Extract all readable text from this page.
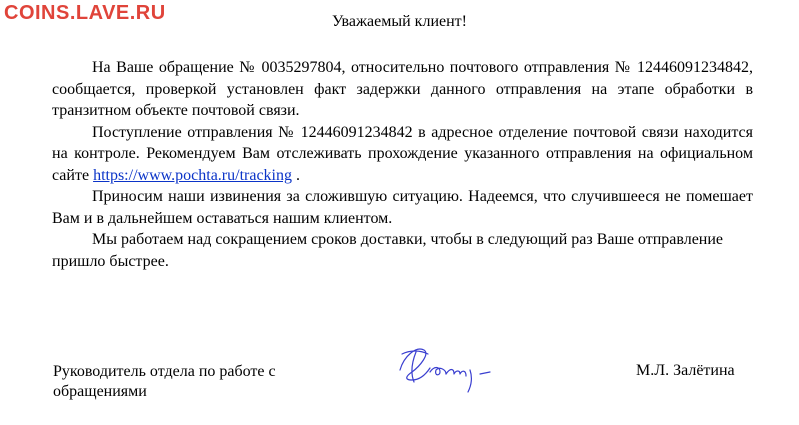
COINS.LAVE.RU	Уважаемый клиент!

На Ваше обращение № 0035297804, относительно почтового отправления № 12446091234842, сообщается, проверкой установлен факт задержки данного отправления на этапе обработки в транзитном объекте почтовой связи.

Поступление отправления № 12446091234842 в адресное отделение почтовой связи находится на контроле. Рекомендуем Вам отслеживать прохождение указанного отправления на официальном сайте https://www.pochta.ru/tracking .

Приносим наши извинения за сложившую ситуацию. Надеемся, что случившееся не помешает Вам и в дальнейшем оставаться нашим клиентом.

Мы работаем над сокращением сроков доставки, чтобы в следующий раз Ваше отправление пришло быстрее.

Руководитель отдела по работе с обращениями
М.Л. Залётина
